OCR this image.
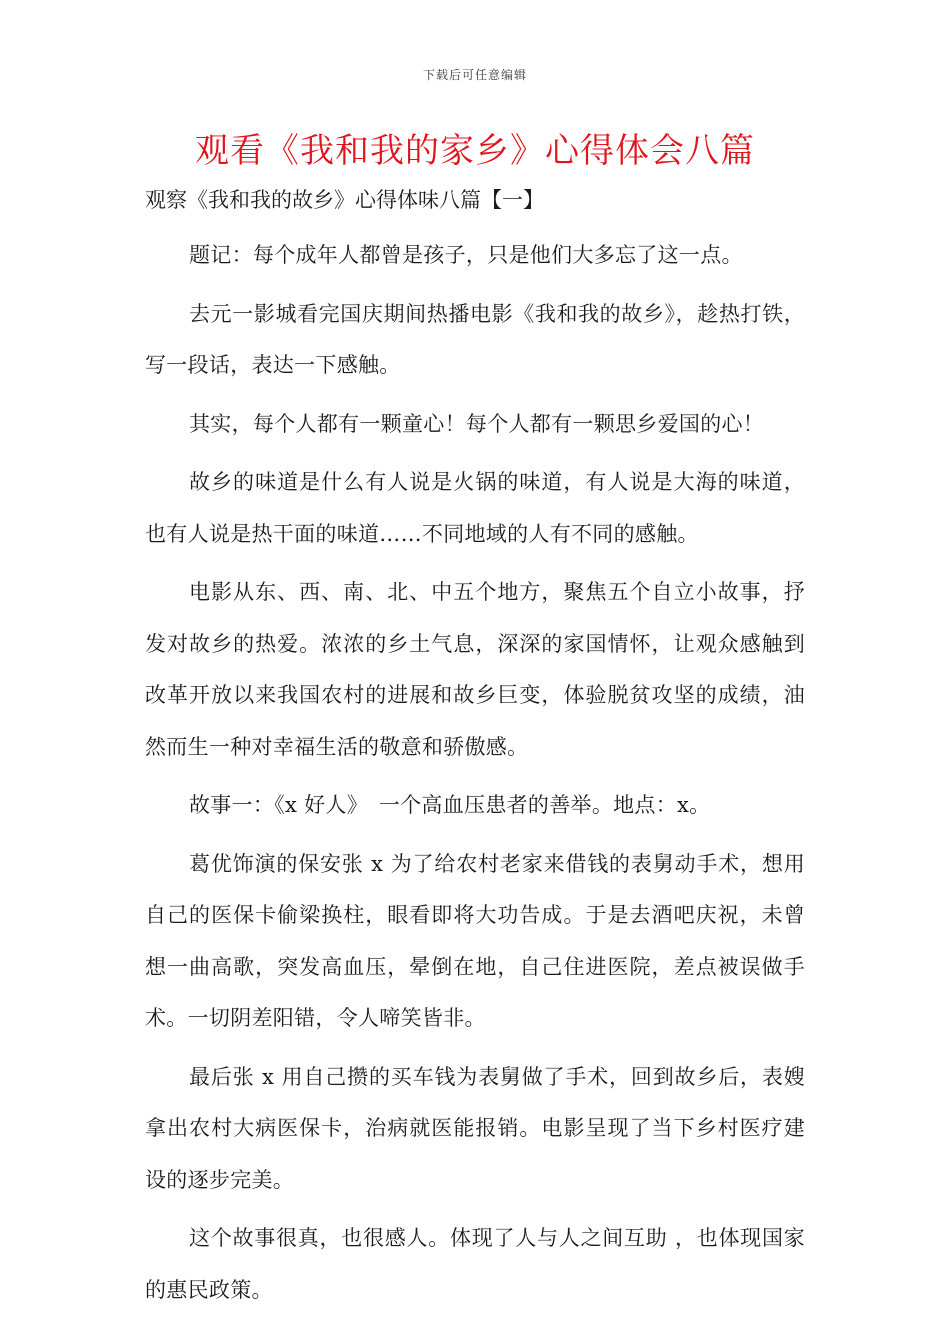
下载后可任意编辑
观看《我和我的家乡》心得体会八篇
观察《我和我的故乡》心得体味八篇【一】

题记：每个成年人都曾是孩子，只是他们大多忘了这一点。

去元一影城看完国庆期间热播电影《我和我的故乡》，趁热打铁，写一段话，表达一下感触。

其实，每个人都有一颗童心！每个人都有一颗思乡爱国的心！

故乡的味道是什么有人说是火锅的味道，有人说是大海的味道，也有人说是热干面的味道……不同地域的人有不同的感触。

电影从东、西、南、北、中五个地方，聚焦五个自立小故事，抒发对故乡的热爱。浓浓的乡土气息，深深的家国情怀，让观众感触到改革开放以来我国农村的进展和故乡巨变，体验脱贫攻坚的成绩，油然而生一种对幸福生活的敬意和骄傲感。

故事一：《x 好人》　一个高血压患者的善举。地点：x。

葛优饰演的保安张 x 为了给农村老家来借钱的表舅动手术，想用自己的医保卡偷梁换柱，眼看即将大功告成。于是去酒吧庆祝，未曾想一曲高歌，突发高血压，晕倒在地，自己住进医院，差点被误做手术。一切阴差阳错，令人啼笑皆非。

最后张 x 用自己攒的买车钱为表舅做了手术，回到故乡后，表嫂拿出农村大病医保卡，治病就医能报销。电影呈现了当下乡村医疗建设的逐步完美。

这个故事很真，也很感人。体现了人与人之间互助 ，也体现国家的惠民政策。
